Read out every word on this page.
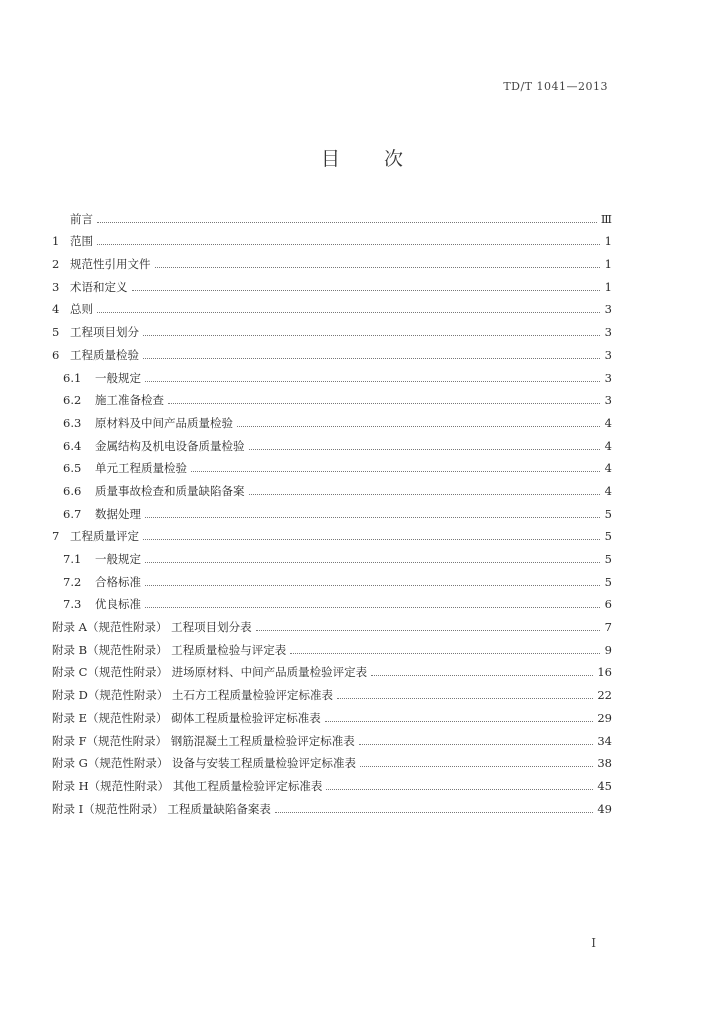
TD/T 1041—2013
目 次
前言	Ⅲ
1 范围	1
2 规范性引用文件	1
3 术语和定义	1
4 总则	3
5 工程项目划分	3
6 工程质量检验	3
6.1	一般规定	3
6.2	施工准备检查	3
6.3	原材料及中间产品质量检验	4
6.4	金属结构及机电设备质量检验	4
6.5	单元工程质量检验	4
6.6	质量事故检查和质量缺陷备案	4
6.7	数据处理	5
7 工程质量评定	5
7.1	一般规定	5
7.2	合格标准	5
7.3	优良标准	6
附录 A（规范性附录） 工程项目划分表	7
附录 B（规范性附录） 工程质量检验与评定表	9
附录 C（规范性附录） 进场原材料、中间产品质量检验评定表	16
附录 D（规范性附录） 土石方工程质量检验评定标准表	22
附录 E（规范性附录） 砌体工程质量检验评定标准表	29
附录 F（规范性附录） 钢筋混凝土工程质量检验评定标准表	34
附录 G（规范性附录） 设备与安装工程质量检验评定标准表	38
附录 H（规范性附录） 其他工程质量检验评定标准表	45
附录 I（规范性附录） 工程质量缺陷备案表	49
I
